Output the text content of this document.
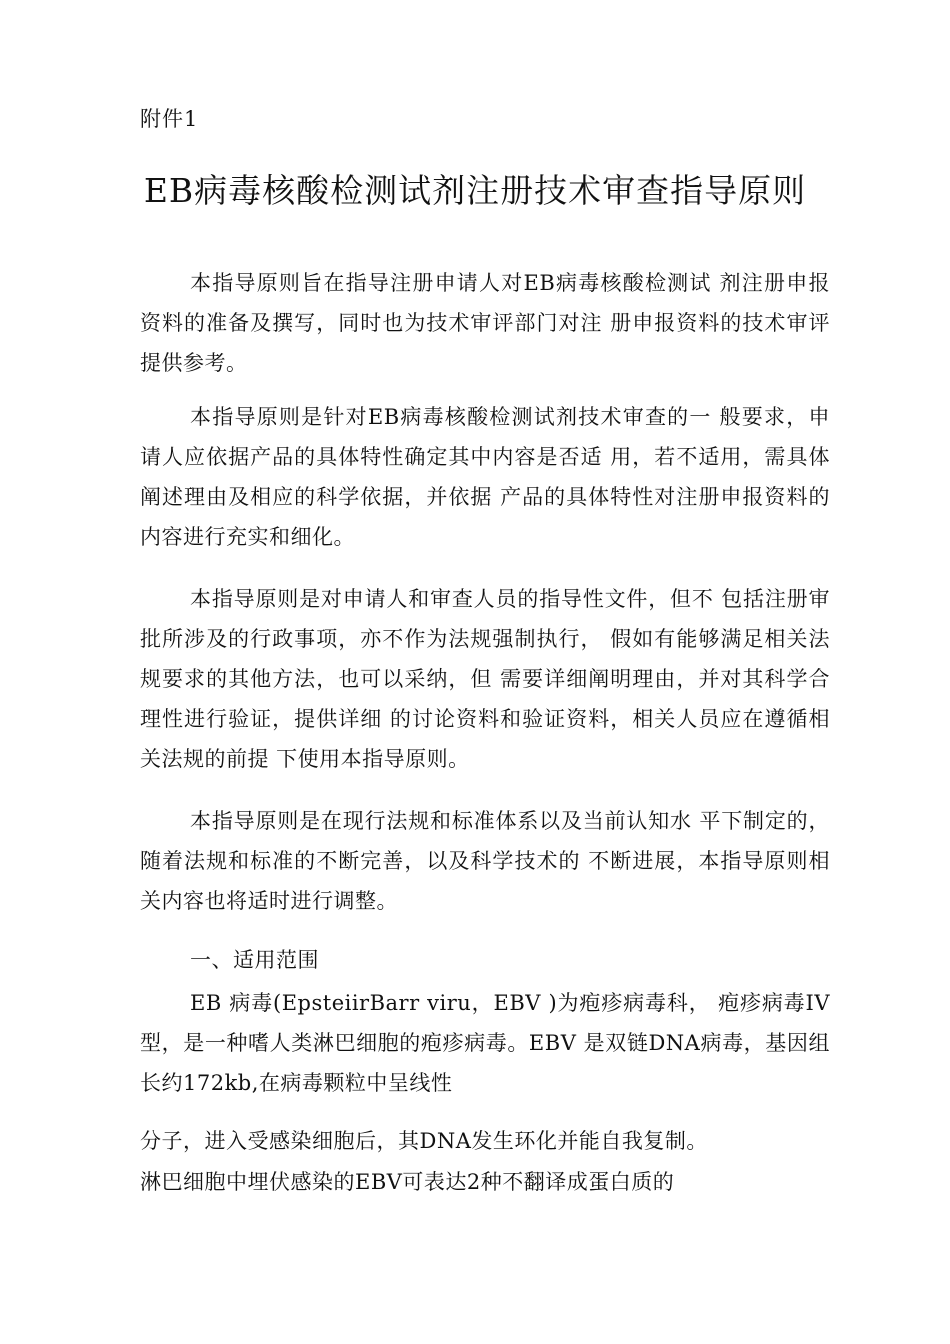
附件1
EB病毒核酸检测试剂注册技术审查指导原则

本指导原则旨在指导注册申请人对EB病毒核酸检测试 剂注册申报资料的准备及撰写，同时也为技术审评部门对注 册申报资料的技术审评提供参考。

本指导原则是针对EB病毒核酸检测试剂技术审查的一 般要求，申请人应依据产品的具体特性确定其中内容是否适 用，若不适用，需具体阐述理由及相应的科学依据，并依据 产品的具体特性对注册申报资料的内容进行充实和细化。

本指导原则是对申请人和审查人员的指导性文件，但不 包括注册审批所涉及的行政事项，亦不作为法规强制执行， 假如有能够满足相关法规要求的其他方法，也可以采纳，但 需要详细阐明理由，并对其科学合理性进行验证，提供详细 的讨论资料和验证资料，相关人员应在遵循相关法规的前提 下使用本指导原则。

本指导原则是在现行法规和标准体系以及当前认知水 平下制定的，随着法规和标准的不断完善，以及科学技术的 不断进展，本指导原则相关内容也将适时进行调整。

一、适用范围

EB 病毒(EpsteiirBarr viru，EBV )为疱疹病毒科， 疱疹病毒IV型，是一种嗜人类淋巴细胞的疱疹病毒。EBV 是双链DNA病毒，基因组长约172kb,在病毒颗粒中呈线性

分子，进入受感染细胞后，其DNA发生环化并能自我复制。
淋巴细胞中埋伏感染的EBV可表达2种不翻译成蛋白质的
